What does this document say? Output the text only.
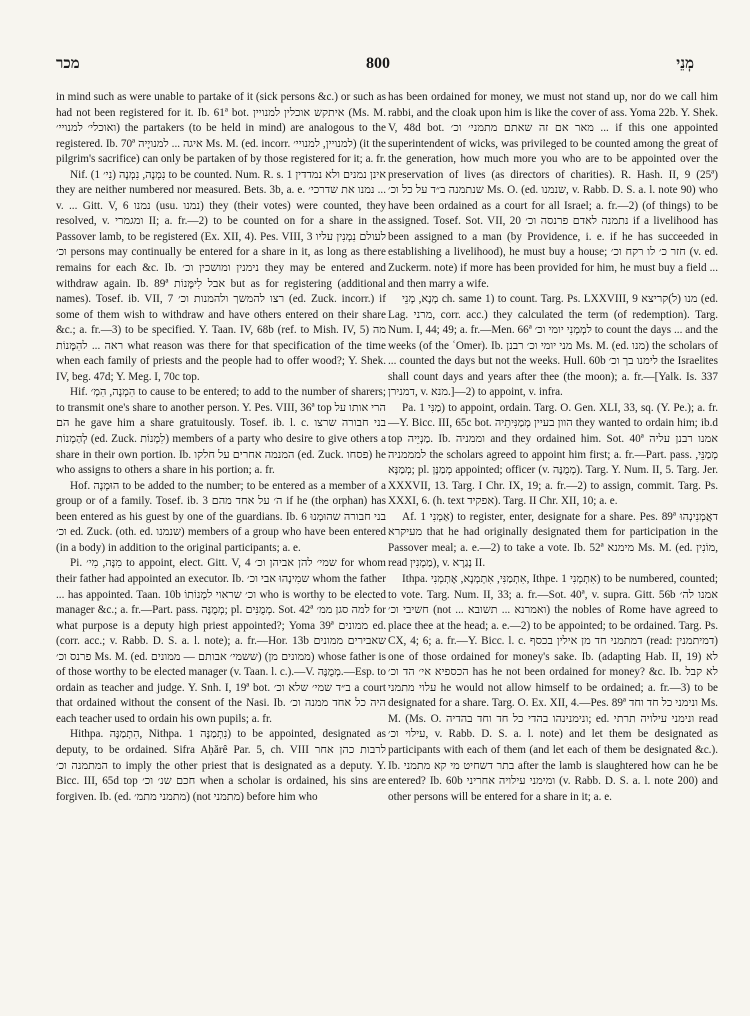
מכר	800	מְנֵי

in mind such as were unable to partake of it (sick persons &c.) or such as had not been registered for it. Ib. 61ª bot. איתקש אוכלין למנויין (Ms. M. ואוכלי׳ למנויי׳) the partakers (to be held in mind) are analogous to the registered. Ib. 70ª איגה ... למנויָיה Ms. M. (ed. incorr. למנויין, למנויי׳) (it the pilgrim's sacrifice) can only be partaken of by those registered for it; a. fr.

Nif. נִמְנָה, נִמְנָה (נִי׳ 1) to be counted. Num. R. s. 1 אינן נמנים ולא נמדדין they are neither numbered nor measured. Bets. 3b, a. e. נמנו את שדרכי׳ ... v. ... Gitt. V, 6 נמנו (usu. נמנו) they (their votes) were counted, they resolved, v. ומגמרי II; a. fr.—2) to be counted on for a share in the Passover lamb, to be registered (Ex. XII, 4). Pes. VIII, 3 לעולם נִמְנִין עליו וכ׳ persons may continually be entered for a share in it, as long as there remains for each &c. Ib. נימנין ומושכין וכ׳ they may be entered and withdraw again. Ib. 89ª אבל לִימָּנוֹת but as for registering (additional names). Tosef. ib. VII, 7 רצו להמשך ולהמנות וכ׳ (ed. Zuck. incorr.) if some of them wish to withdraw and have others entered on their share &c.; a. fr.—3) to be specified. Y. Taan. IV, 68b (ref. to Mish. IV, 5) מה ראה ... להִמָּנוֹת what reason was there for that specification of the time when each family of priests and the people had to offer wood?; Y. Shek. IV, beg. 47d; Y. Meg. I, 70c top.

Hif. הִמְנָה, הִמְ׳ to cause to be entered; to add to the number of sharers; to transmit one's share to another person. Y. Pes. VIII, 36ª top הרי אותו על הם he gave him a share gratuitously. Tosef. ib. l. c. בני חבורה שרצו לְהַמְנוֹת (ed. Zuck. לִמְנוֹת) members of a party who desire to give others a share in their own portion. Ib. המנמה אחרים על חלקו (ed. Zuck. פסחו) he who assigns to others a share in his portion; a. fr.

Hof. הוּמְנָה to be added to the number; to be entered as a member of a group or of a family. Tosef. ib. 3 ה׳ על אחד מהם if he (the orphan) has been entered as his guest by one of the guardians. Ib. 6 בני חבורה שהוּמְנוּ וכ׳ ed. Zuck. (oth. ed. שנמנו) members of a group who have been entered (in a body) in addition to the original participants; a. e.

Pi. מִנָּה, מִי׳ to appoint, elect. Gitt. V, 4 שמי׳ להן אביהן וכ׳ for whom their father had appointed an executor. Ib. שמִינָהוּ אבי וכ׳ whom the father ... has appointed. Taan. 10b וכ׳ שראוי למְנוֹתוֹ who is worthy to be elected manager &c.; a. fr.—Part. pass. מְמֻנֶּה; pl. מְמֻנִּים. Sot. 42ª למה סגן ממ׳ for what purpose is a deputy high priest appointed?; Yoma 39ª ממונים ed. (corr. acc.; v. Rabb. D. S. a. l. note); a. fr.—Hor. 13b שאבירים ממונים פרנס וכ׳ Ms. M. (ed. ששמי׳ אבותם — ממונים) (ממונים מן) whose father is of those worthy to be elected manager (v. Taan. l. c.).—V. מְמֻנֶּה.—Esp. to ordain as teacher and judge. Y. Snh. I, 19ª bot. ב״ד שמי׳ שלא וכ׳ a court that ordained without the consent of the Nasi. Ib. היה כל אחד ממנה וכ׳ each teacher used to ordain his own pupils; a. fr.

Hithpa. הִתְמַנָּה, Nithpa. נִתְמַנָּה 1) to be appointed, designated as deputy, to be ordained. Sifra Aḥărê Par. 5, ch. VIII לרבות כהן אחר המתמנה וכ׳ to imply the other priest that is designated as a deputy. Y. Bicc. III, 65d top חכם שנ׳ וכ׳ when a scholar is ordained, his sins are forgiven. Ib. (ed. מתמני מתמ׳) (not מתמני) before him who

has been ordained for money, we must not stand up, nor do we call him rabbi, and the cloak upon him is like the cover of ass. Yoma 22b. Y. Shek. V, 48d bot. מאר אם זה שאתם מתמני׳ וכ׳ ... if this one appointed superintendent of wicks, was privileged to be counted among the great of the generation, how much more you who are to be appointed over the preservation of lives (as directors of charities). R. Hash. II, 9 (25ª) שנתמנה ב״ד על כל וכ׳ Ms. O. (ed. שנמנו, v. Rabb. D. S. a. l. note 90) who have been ordained as a court for all Israel; a. fr.—2) (of things) to be assigned. Tosef. Sot. VII, 20 נתמנה לאדם פרנסה וכ׳ if a livelihood has been assigned to a man (by Providence, i. e. if he has succeeded in establishing a livelihood), he must buy a house; חזר כ׳ לו רקח וכ׳ (v. ed. Zuckerm. note) if more has been provided for him, he must buy a field ... and then marry a wife.

מְנָא, מְנֵי ch. same 1) to count. Targ. Ps. LXXVIII, 9 מנו (ל)קריצא (ed. Lag. מרני, corr. acc.) they calculated the term (of redemption). Targ. Num. I, 44; 49; a. fr.—Men. 66ª למְמְנִי יומי וכ׳ to count the days ... and the weeks (of the ʿOmer). Ib. מני יומי וכ׳ רבנן Ms. M. (ed. מנו) the scholars of ... counted the days but not the weeks. Hull. 60b לימנו בך וכ׳ the Israelites shall count days and years after thee (the moon); a. fr.—[Yalk. Is. 337 דמנירן, v. מנא.]—2) to appoint, v. infra.

Pa. מַנִּי 1) to appoint, ordain. Targ. O. Gen. XLI, 33, sq. (Y. Pe.); a. fr.—Y. Bicc. III, 65c bot. הוון בעיין מְמַנִּיתֵיה they wanted to ordain him; ib.d top מַנְיֵיה. Ib. וממניה and they ordained him. Sot. 40ª אמנו רבנן עליה למממניה the scholars agreed to appoint him first; a. fr.—Part. pass. מְמַנֵּי, מְמַנָּא; pl. מְמַנָּן appointed; officer (v. מְמֻנֶּה). Targ. Y. Num. II, 5. Targ. Jer. XXXVII, 13. Targ. I Chr. IX, 19; a. fr.—2) to assign, commit. Targ. Ps. XXXI, 6. (h. text אפקיד). Targ. II Chr. XII, 10; a. e.

Af. אַמְנִי 1) to register, enter, designate for a share. Pes. 89ª דאֲמְנִינְהוּ מעיקרא that he had originally designated them for participation in the Passover meal; a. e.—2) to take a vote. Ib. 52ª מימנא Ms. M. (ed. מוֹנִין, read מַמְנִין), v. נְגַרָא II.

Ithpa. אִתְמַנִּי, אִתְמְנָא, אֶתְמְנִי, Ithpe. אִתְמְנִי 1) to be numbered, counted; to vote. Targ. Num. II, 33; a. fr.—Sot. 40ª, v. supra. Gitt. 56b אמנו לה׳ חשיבי וכ׳ (not ... ואמרנא ... תשובא) the nobles of Rome have agreed to place thee at the head; a. e.—2) to be appointed; to be ordained. Targ. Ps. CX, 4; 6; a. fr.—Y. Bicc. l. c. דמתמני חד מן אילין בכסף (read: דמיתמנין) one of those ordained for money's sake. Ib. (adapting Hab. II, 19) לא הכספיא אי׳ הד וכ׳ has he not been ordained for money? &c. Ib. לא קבל עלוי מתמני he would not allow himself to be ordained; a. fr.—3) to be designated for a share. Targ. O. Ex. XII, 4.—Pes. 89ª ונימני כל חד וחד Ms. M. (Ms. O. ונימנינהו בהדי כל חד וחד בהדיה; ed. ונימני עילויה תרתי read עילוי וכ׳, v. Rabb. D. S. a. l. note) and let them be designated as participants with each of them (and let each of them be designated &c.). Ib. בתר דשחיט מי קא מתמני after the lamb is slaughtered how can he be entered? Ib. 60b ומימני עילויה אחריני (v. Rabb. D. S. a. l. note 200) and other persons will be entered for a share in it; a. e.
